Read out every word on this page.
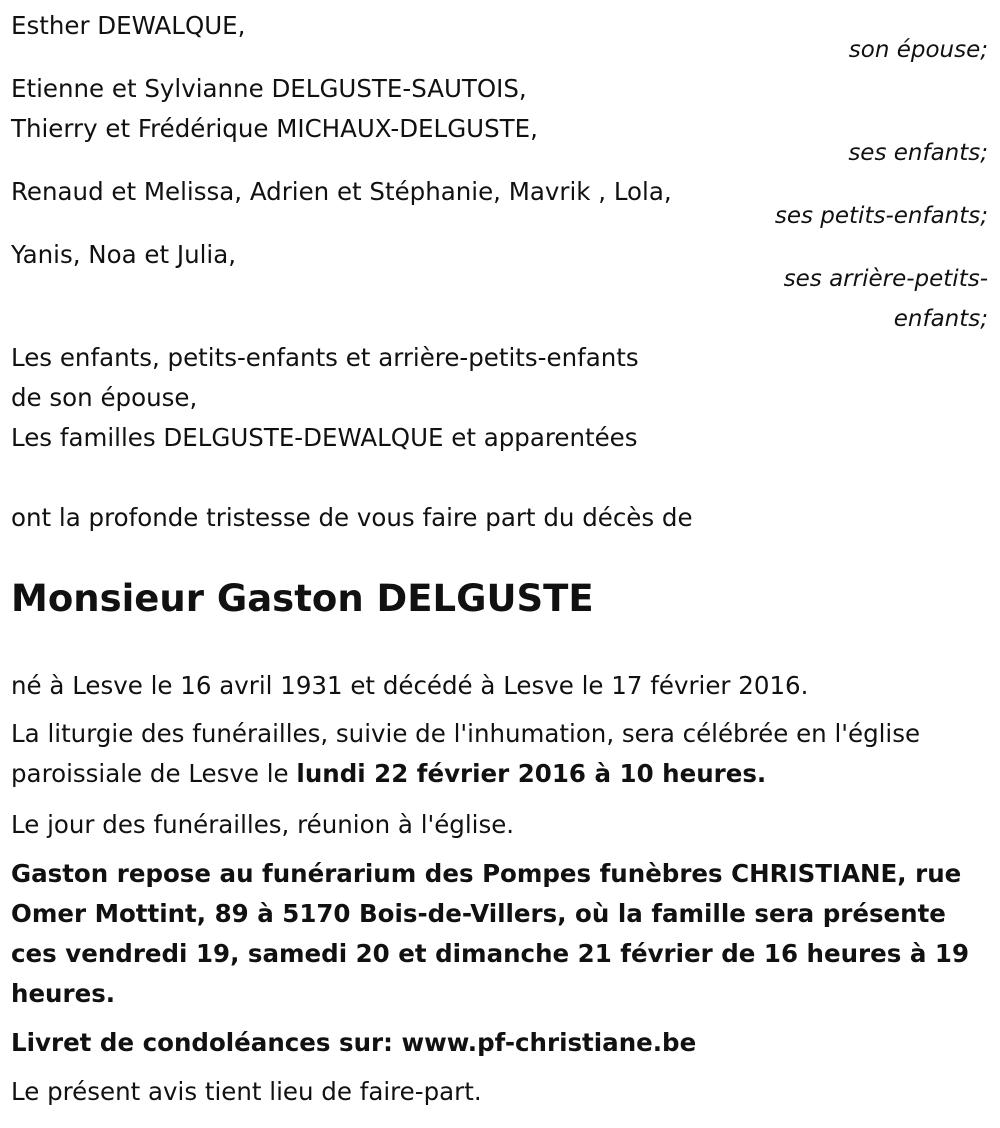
Esther DEWALQUE,
son épouse;
Etienne et Sylvianne DELGUSTE-SAUTOIS,
Thierry et Frédérique MICHAUX-DELGUSTE,
ses enfants;
Renaud et Melissa, Adrien et Stéphanie, Mavrik , Lola,
ses petits-enfants;
Yanis, Noa et Julia,
ses arrière-petits-
enfants;
Les enfants, petits-enfants et arrière-petits-enfants
de son épouse,
Les familles DELGUSTE-DEWALQUE et apparentées
ont la profonde tristesse de vous faire part du décès de
Monsieur Gaston DELGUSTE
né à Lesve le 16 avril 1931 et décédé à Lesve le 17 février 2016.
La liturgie des funérailles, suivie de l'inhumation, sera célébrée en l'église
paroissiale de Lesve le lundi 22 février 2016 à 10 heures.
Le jour des funérailles, réunion à l'église.
Gaston repose au funérarium des Pompes funèbres CHRISTIANE, rue
Omer Mottint, 89 à 5170 Bois-de-Villers, où la famille sera présente
ces vendredi 19, samedi 20 et dimanche 21 février de 16 heures à 19
heures.
Livret de condoléances sur: www.pf-christiane.be
Le présent avis tient lieu de faire-part.
